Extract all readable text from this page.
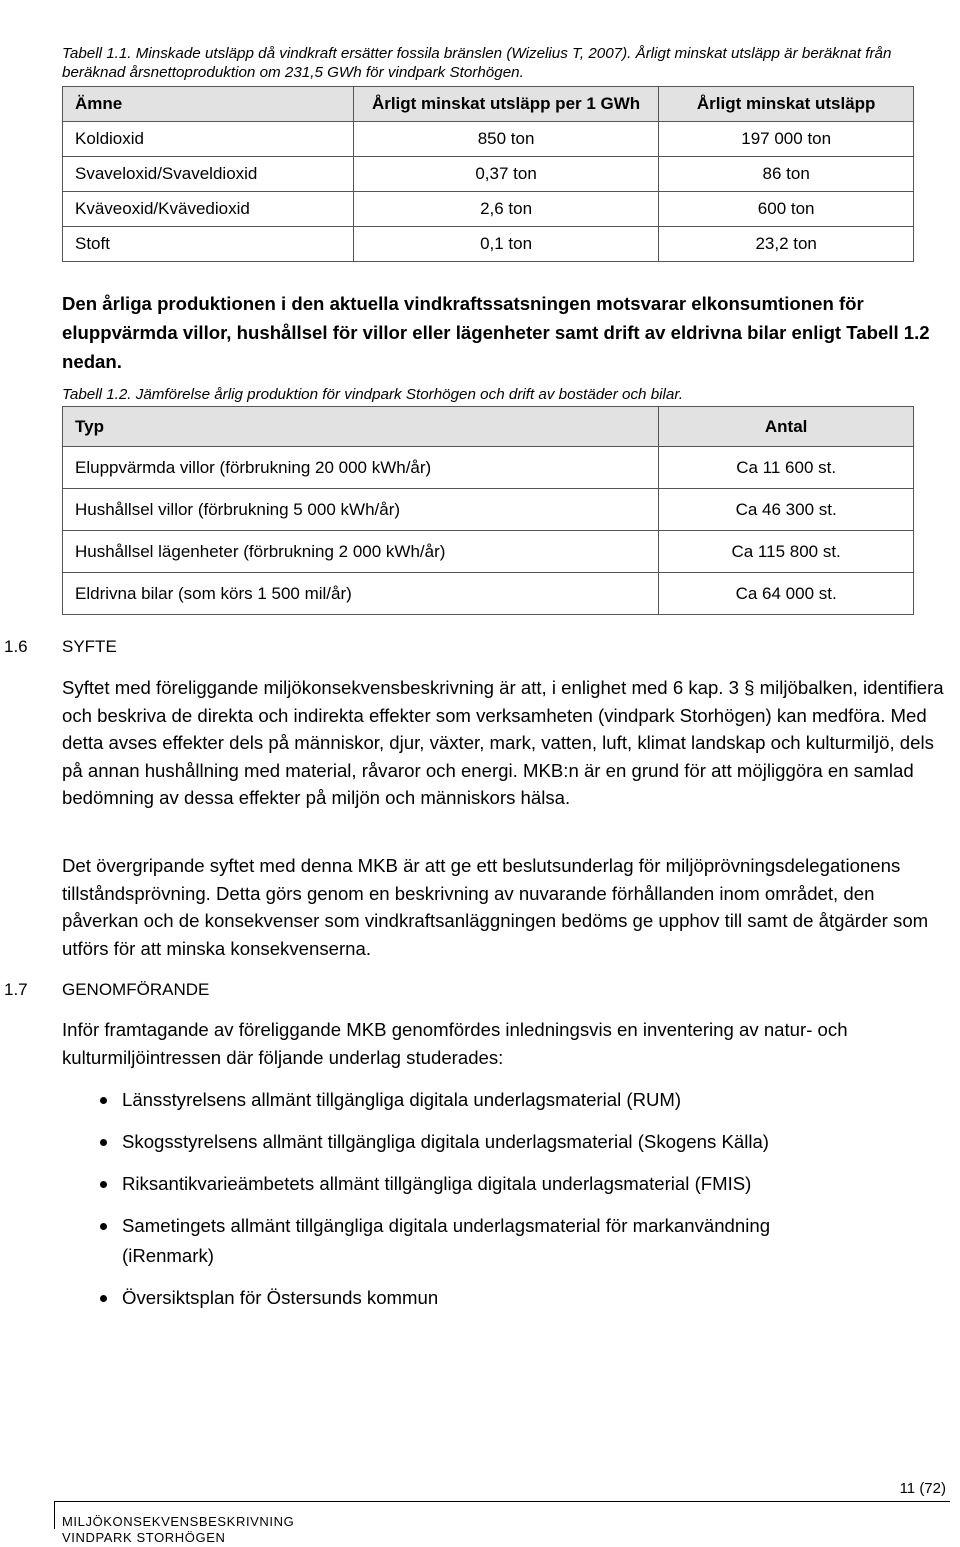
Tabell 1.1. Minskade utsläpp då vindkraft ersätter fossila bränslen (Wizelius T, 2007). Årligt minskat utsläpp är beräknat från beräknad årsnettoproduktion om 231,5 GWh för vindpark Storhögen.
Ämne	Årligt minskat utsläpp per 1 GWh	Årligt minskat utsläpp
Koldioxid	850 ton	197 000 ton
Svaveloxid/Svaveldioxid	0,37 ton	86 ton
Kväveoxid/Kvävedioxid	2,6 ton	600 ton
Stoft	0,1 ton	23,2 ton
Den årliga produktionen i den aktuella vindkraftssatsningen motsvarar elkonsumtionen för eluppvärmda villor, hushållsel för villor eller lägenheter samt drift av eldrivna bilar enligt Tabell 1.2 nedan.
Tabell 1.2. Jämförelse årlig produktion för vindpark Storhögen och drift av bostäder och bilar.
Typ	Antal
Eluppvärmda villor (förbrukning 20 000 kWh/år)	Ca 11 600 st.
Hushållsel villor (förbrukning 5 000 kWh/år)	Ca 46 300 st.
Hushållsel lägenheter (förbrukning 2 000 kWh/år)	Ca 115 800 st.
Eldrivna bilar (som körs 1 500 mil/år)	Ca 64 000 st.
1.6 SYFTE
Syftet med föreliggande miljökonsekvensbeskrivning är att, i enlighet med 6 kap. 3 § miljöbalken, identifiera och beskriva de direkta och indirekta effekter som verksamheten (vindpark Storhögen) kan medföra. Med detta avses effekter dels på människor, djur, växter, mark, vatten, luft, klimat landskap och kulturmiljö, dels på annan hushållning med material, råvaror och energi. MKB:n är en grund för att möjliggöra en samlad bedömning av dessa effekter på miljön och människors hälsa.
Det övergripande syftet med denna MKB är att ge ett beslutsunderlag för miljöprövningsdelegationens tillståndsprövning. Detta görs genom en beskrivning av nuvarande förhållanden inom området, den påverkan och de konsekvenser som vindkraftsanläggningen bedöms ge upphov till samt de åtgärder som utförs för att minska konsekvenserna.
1.7 GENOMFÖRANDE
Inför framtagande av föreliggande MKB genomfördes inledningsvis en inventering av natur- och kulturmiljöintressen där följande underlag studerades:
Länsstyrelsens allmänt tillgängliga digitala underlagsmaterial (RUM)
Skogsstyrelsens allmänt tillgängliga digitala underlagsmaterial (Skogens Källa)
Riksantikvarieämbetets allmänt tillgängliga digitala underlagsmaterial (FMIS)
Sametingets allmänt tillgängliga digitala underlagsmaterial för markanvändning (iRenmark)
Översiktsplan för Östersunds kommun
11 (72)
MILJÖKONSEKVENSBESKRIVNING
VINDPARK STORHÖGEN
